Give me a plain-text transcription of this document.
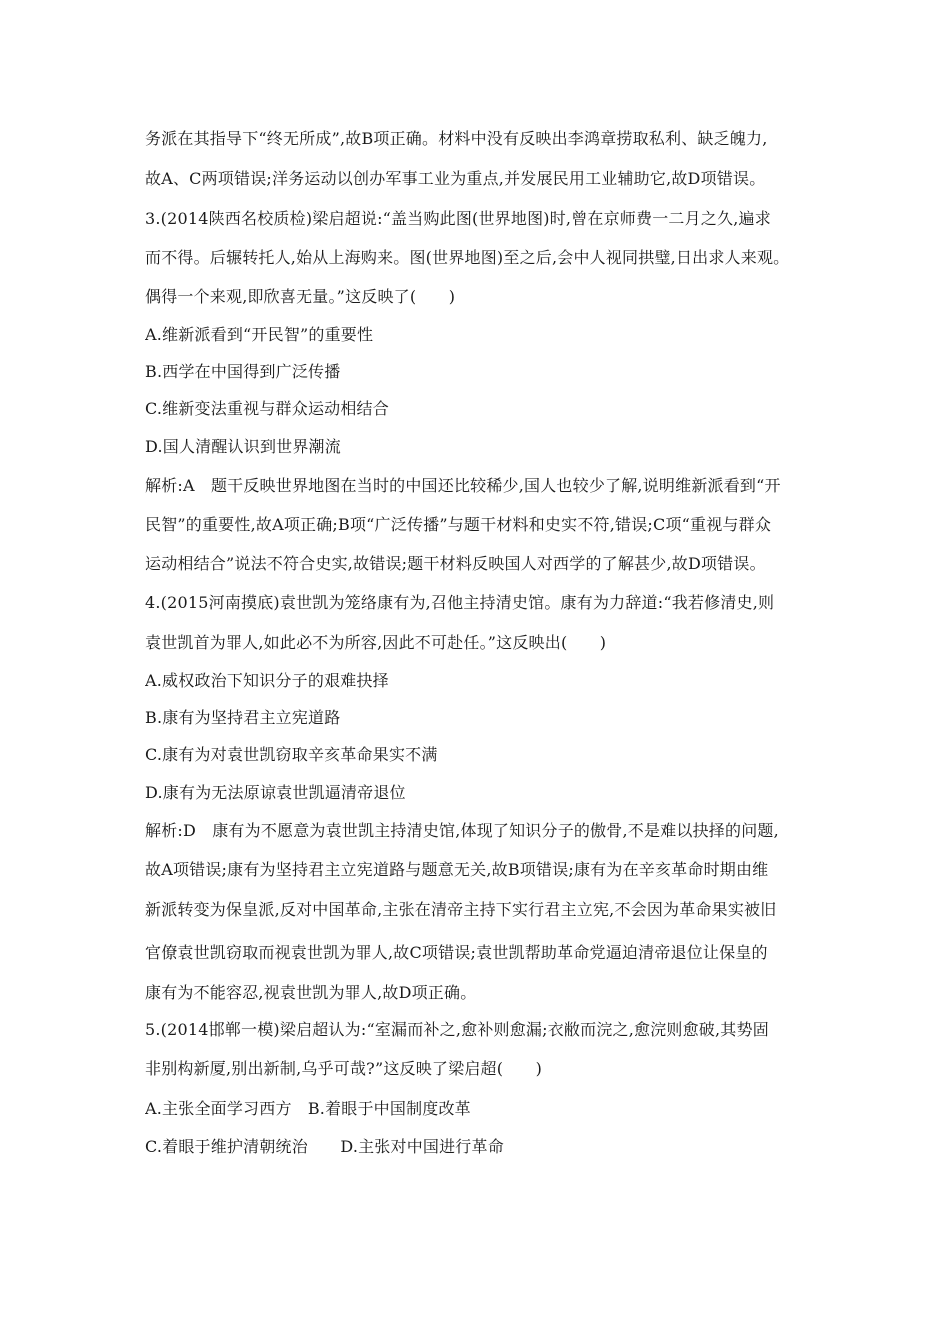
务派在其指导下“终无所成”,故B项正确。材料中没有反映出李鸿章捞取私利、缺乏魄力,
故A、C两项错误;洋务运动以创办军事工业为重点,并发展民用工业辅助它,故D项错误。
3.(2014陕西名校质检)梁启超说:“盖当购此图(世界地图)时,曾在京师费一二月之久,遍求
而不得。后辗转托人,始从上海购来。图(世界地图)至之后,会中人视同拱璧,日出求人来观。
偶得一个来观,即欣喜无量。”这反映了(　　)
A.维新派看到“开民智”的重要性
B.西学在中国得到广泛传播
C.维新变法重视与群众运动相结合
D.国人清醒认识到世界潮流
解析:A　题干反映世界地图在当时的中国还比较稀少,国人也较少了解,说明维新派看到“开
民智”的重要性,故A项正确;B项“广泛传播”与题干材料和史实不符,错误;C项“重视与群众
运动相结合”说法不符合史实,故错误;题干材料反映国人对西学的了解甚少,故D项错误。
4.(2015河南摸底)袁世凯为笼络康有为,召他主持清史馆。康有为力辞道:“我若修清史,则
袁世凯首为罪人,如此必不为所容,因此不可赴任。”这反映出(　　)
A.威权政治下知识分子的艰难抉择
B.康有为坚持君主立宪道路
C.康有为对袁世凯窃取辛亥革命果实不满
D.康有为无法原谅袁世凯逼清帝退位
解析:D　康有为不愿意为袁世凯主持清史馆,体现了知识分子的傲骨,不是难以抉择的问题,
故A项错误;康有为坚持君主立宪道路与题意无关,故B项错误;康有为在辛亥革命时期由维
新派转变为保皇派,反对中国革命,主张在清帝主持下实行君主立宪,不会因为革命果实被旧
官僚袁世凯窃取而视袁世凯为罪人,故C项错误;袁世凯帮助革命党逼迫清帝退位让保皇的
康有为不能容忍,视袁世凯为罪人,故D项正确。
5.(2014邯郸一模)梁启超认为:“室漏而补之,愈补则愈漏;衣敝而浣之,愈浣则愈破,其势固
非别构新厦,别出新制,乌乎可哉?”这反映了梁启超(　　)
A.主张全面学习西方　B.着眼于中国制度改革
C.着眼于维护清朝统治　　D.主张对中国进行革命
